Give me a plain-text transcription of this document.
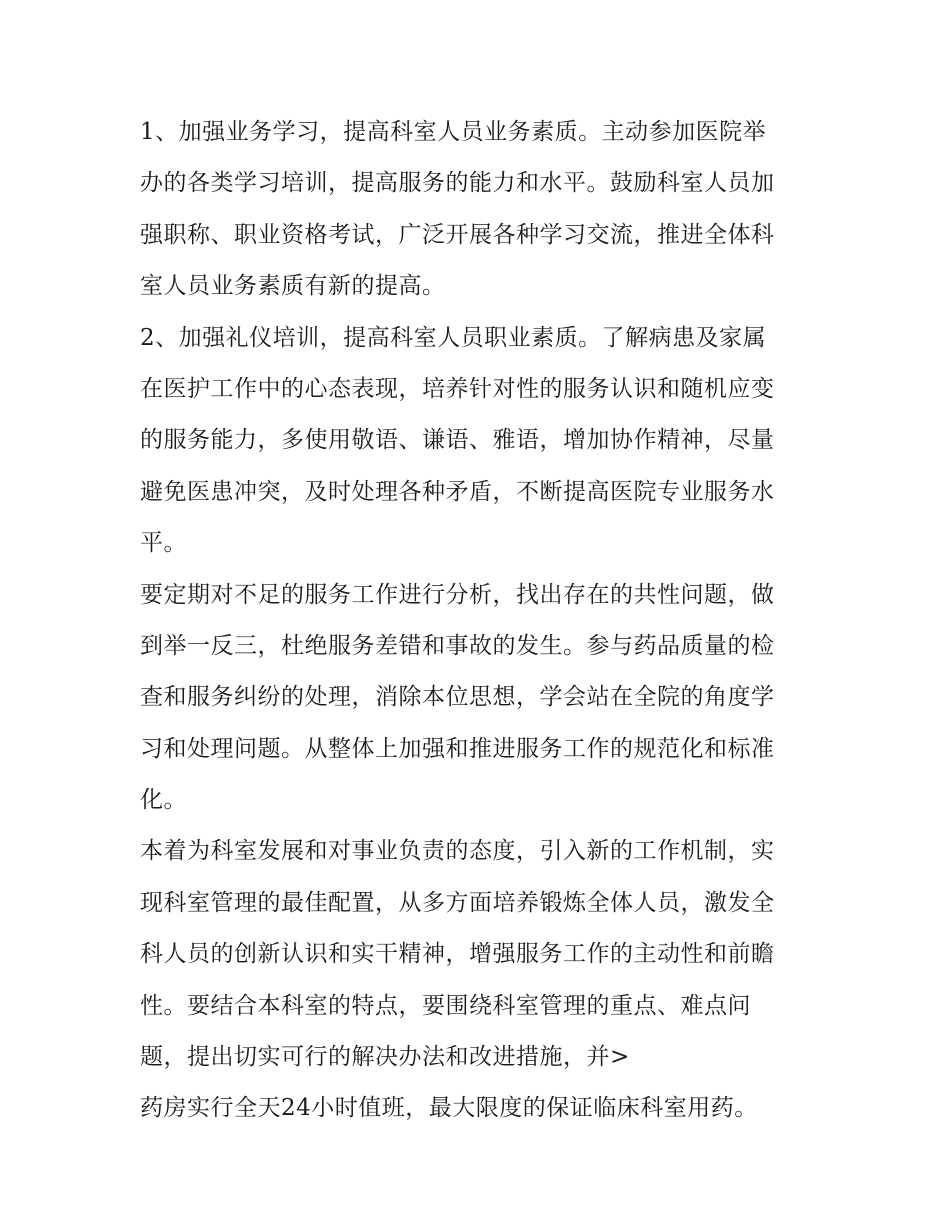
1、加强业务学习，提高科室人员业务素质。主动参加医院举
办的各类学习培训，提高服务的能力和水平。鼓励科室人员加
强职称、职业资格考试，广泛开展各种学习交流，推进全体科
室人员业务素质有新的提高。
2、加强礼仪培训，提高科室人员职业素质。了解病患及家属
在医护工作中的心态表现，培养针对性的服务认识和随机应变
的服务能力，多使用敬语、谦语、雅语，增加协作精神，尽量
避免医患冲突，及时处理各种矛盾，不断提高医院专业服务水
平。
要定期对不足的服务工作进行分析，找出存在的共性问题，做
到举一反三，杜绝服务差错和事故的发生。参与药品质量的检
查和服务纠纷的处理，消除本位思想，学会站在全院的角度学
习和处理问题。从整体上加强和推进服务工作的规范化和标准
化。
本着为科室发展和对事业负责的态度，引入新的工作机制，实
现科室管理的最佳配置，从多方面培养锻炼全体人员，激发全
科人员的创新认识和实干精神，增强服务工作的主动性和前瞻
性。要结合本科室的特点，要围绕科室管理的重点、难点问
题，提出切实可行的解决办法和改进措施，并>
药房实行全天24小时值班，最大限度的保证临床科室用药。
